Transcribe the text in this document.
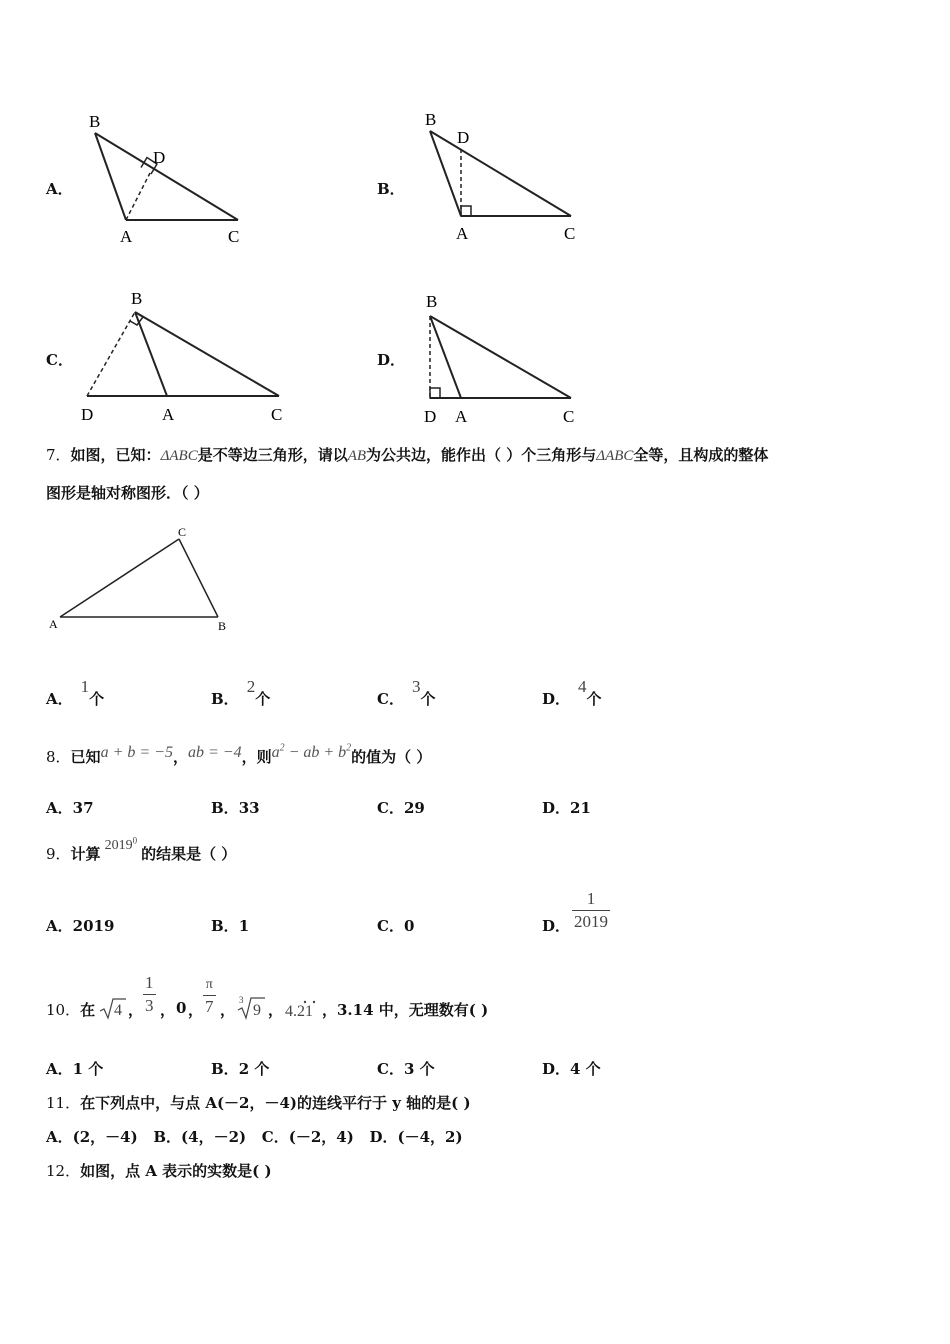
A．
B
D
A	C
B．
B
D
A	C
C．
B
D	A	C
D．
B
D A	C
7．如图，已知：ΔABC是不等边三角形，请以AB为公共边，能作出（ ）个三角形与ΔABC全等，且构成的整体
图形是轴对称图形．（ ）
A	B
C
A．1个	B．2个	C．3个	D．4个
8．已知a + b = −5，ab = −4，则$a^2$ − ab + $b^2$的值为（ ）
A．37	B．33	C．29	D．21
9．计算 2019$^0$的结果是（ ）
A．2019	B．1	C．0	D． $\frac{1}{2019}$
10．在 4 ， $\frac{1}{3}$ ， 0 ，
π
7 ，
3
9 ， 4.21 ，3.14 中，无理数有( )
A．1 个	B．2 个	C．3 个	D．4 个
11．在下列点中，与点 A(－2，－4)的连线平行于 y 轴的是( )
A．(2，－4)   B．(4，－2)   C．(－2，4)   D．(－4，2)
12．如图，点 A 表示的实数是( )
